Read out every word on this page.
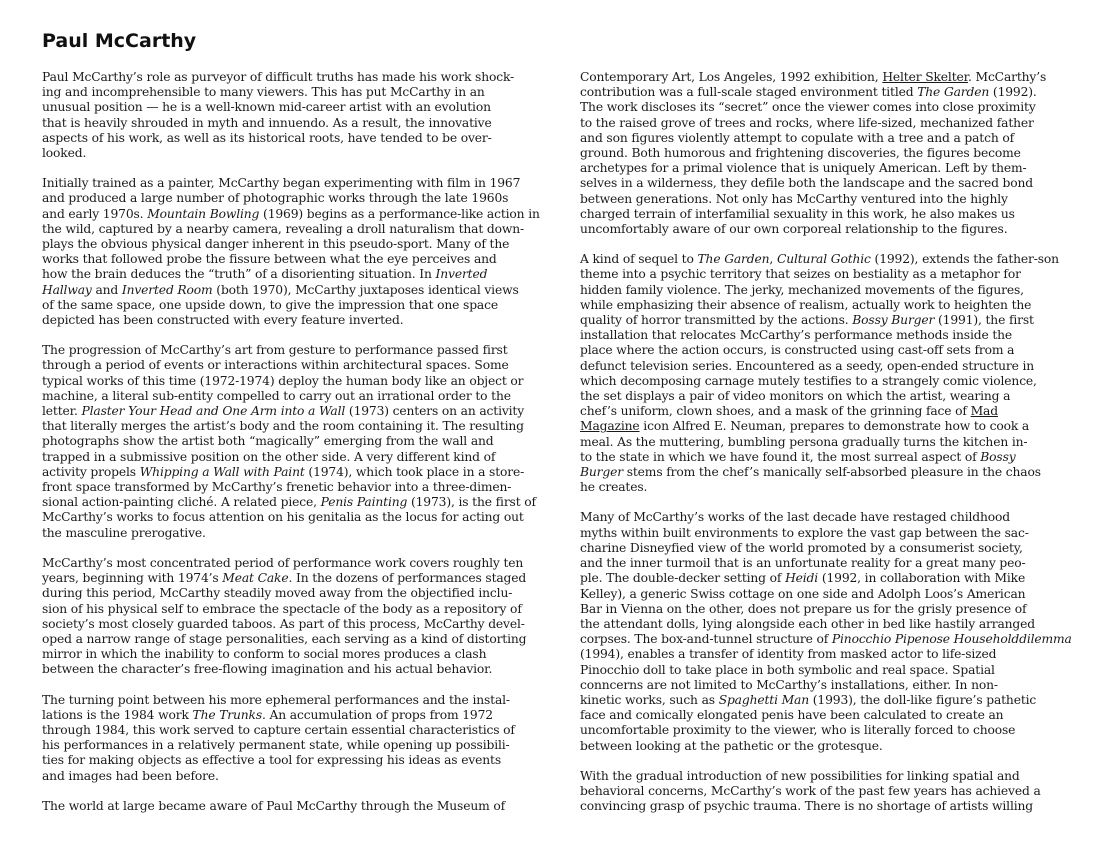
Paul McCarthy
Paul McCarthy’s role as purveyor of difficult truths has made his work shock-
ing and incomprehensible to many viewers. This has put McCarthy in an
unusual position — he is a well-known mid-career artist with an evolution
that is heavily shrouded in myth and innuendo. As a result, the innovative
aspects of his work, as well as its historical roots, have tended to be over-
looked.
Initially trained as a painter, McCarthy began experimenting with film in 1967
and produced a large number of photographic works through the late 1960s
and early 1970s. Mountain Bowling (1969) begins as a performance-like action in
the wild, captured by a nearby camera, revealing a droll naturalism that down-
plays the obvious physical danger inherent in this pseudo-sport. Many of the
works that followed probe the fissure between what the eye perceives and
how the brain deduces the “truth” of a disorienting situation. In Inverted
Hallway and Inverted Room (both 1970), McCarthy juxtaposes identical views
of the same space, one upside down, to give the impression that one space
depicted has been constructed with every feature inverted.
The progression of McCarthy’s art from gesture to performance passed first
through a period of events or interactions within architectural spaces. Some
typical works of this time (1972-1974) deploy the human body like an object or
machine, a literal sub-entity compelled to carry out an irrational order to the
letter. Plaster Your Head and One Arm into a Wall (1973) centers on an activity
that literally merges the artist’s body and the room containing it. The resulting
photographs show the artist both “magically” emerging from the wall and
trapped in a submissive position on the other side. A very different kind of
activity propels Whipping a Wall with Paint (1974), which took place in a store-
front space transformed by McCarthy’s frenetic behavior into a three-dimen-
sional action-painting cliché. A related piece, Penis Painting (1973), is the first of
McCarthy’s works to focus attention on his genitalia as the locus for acting out
the masculine prerogative.
McCarthy’s most concentrated period of performance work covers roughly ten
years, beginning with 1974’s Meat Cake. In the dozens of performances staged
during this period, McCarthy steadily moved away from the objectified inclu-
sion of his physical self to embrace the spectacle of the body as a repository of
society’s most closely guarded taboos. As part of this process, McCarthy devel-
oped a narrow range of stage personalities, each serving as a kind of distorting
mirror in which the inability to conform to social mores produces a clash
between the character’s free-flowing imagination and his actual behavior.
The turning point between his more ephemeral performances and the instal-
lations is the 1984 work The Trunks. An accumulation of props from 1972
through 1984, this work served to capture certain essential characteristics of
his performances in a relatively permanent state, while opening up possibili-
ties for making objects as effective a tool for expressing his ideas as events
and images had been before.
The world at large became aware of Paul McCarthy through the Museum of
Contemporary Art, Los Angeles, 1992 exhibition, Helter Skelter. McCarthy’s
contribution was a full-scale staged environment titled The Garden (1992).
The work discloses its “secret” once the viewer comes into close proximity
to the raised grove of trees and rocks, where life-sized, mechanized father
and son figures violently attempt to copulate with a tree and a patch of
ground. Both humorous and frightening discoveries, the figures become
archetypes for a primal violence that is uniquely American. Left by them-
selves in a wilderness, they defile both the landscape and the sacred bond
between generations. Not only has McCarthy ventured into the highly
charged terrain of interfamilial sexuality in this work, he also makes us
uncomfortably aware of our own corporeal relationship to the figures.
A kind of sequel to The Garden, Cultural Gothic (1992), extends the father-son
theme into a psychic territory that seizes on bestiality as a metaphor for
hidden family violence. The jerky, mechanized movements of the figures,
while emphasizing their absence of realism, actually work to heighten the
quality of horror transmitted by the actions. Bossy Burger (1991), the first
installation that relocates McCarthy’s performance methods inside the
place where the action occurs, is constructed using cast-off sets from a
defunct television series. Encountered as a seedy, open-ended structure in
which decomposing carnage mutely testifies to a strangely comic violence,
the set displays a pair of video monitors on which the artist, wearing a
chef’s uniform, clown shoes, and a mask of the grinning face of Mad
Magazine icon Alfred E. Neuman, prepares to demonstrate how to cook a
meal. As the muttering, bumbling persona gradually turns the kitchen in-
to the state in which we have found it, the most surreal aspect of Bossy
Burger stems from the chef’s manically self-absorbed pleasure in the chaos
he creates.
Many of McCarthy’s works of the last decade have restaged childhood
myths within built environments to explore the vast gap between the sac-
charine Disneyfied view of the world promoted by a consumerist society,
and the inner turmoil that is an unfortunate reality for a great many peo-
ple. The double-decker setting of Heidi (1992, in collaboration with Mike
Kelley), a generic Swiss cottage on one side and Adolph Loos’s American
Bar in Vienna on the other, does not prepare us for the grisly presence of
the attendant dolls, lying alongside each other in bed like hastily arranged
corpses. The box-and-tunnel structure of Pinocchio Pipenose Householddilemma
(1994), enables a transfer of identity from masked actor to life-sized
Pinocchio doll to take place in both symbolic and real space. Spatial
conncerns are not limited to McCarthy’s installations, either. In non-
kinetic works, such as Spaghetti Man (1993), the doll-like figure’s pathetic
face and comically elongated penis have been calculated to create an
uncomfortable proximity to the viewer, who is literally forced to choose
between looking at the pathetic or the grotesque.
With the gradual introduction of new possibilities for linking spatial and
behavioral concerns, McCarthy’s work of the past few years has achieved a
convincing grasp of psychic trauma. There is no shortage of artists willing
